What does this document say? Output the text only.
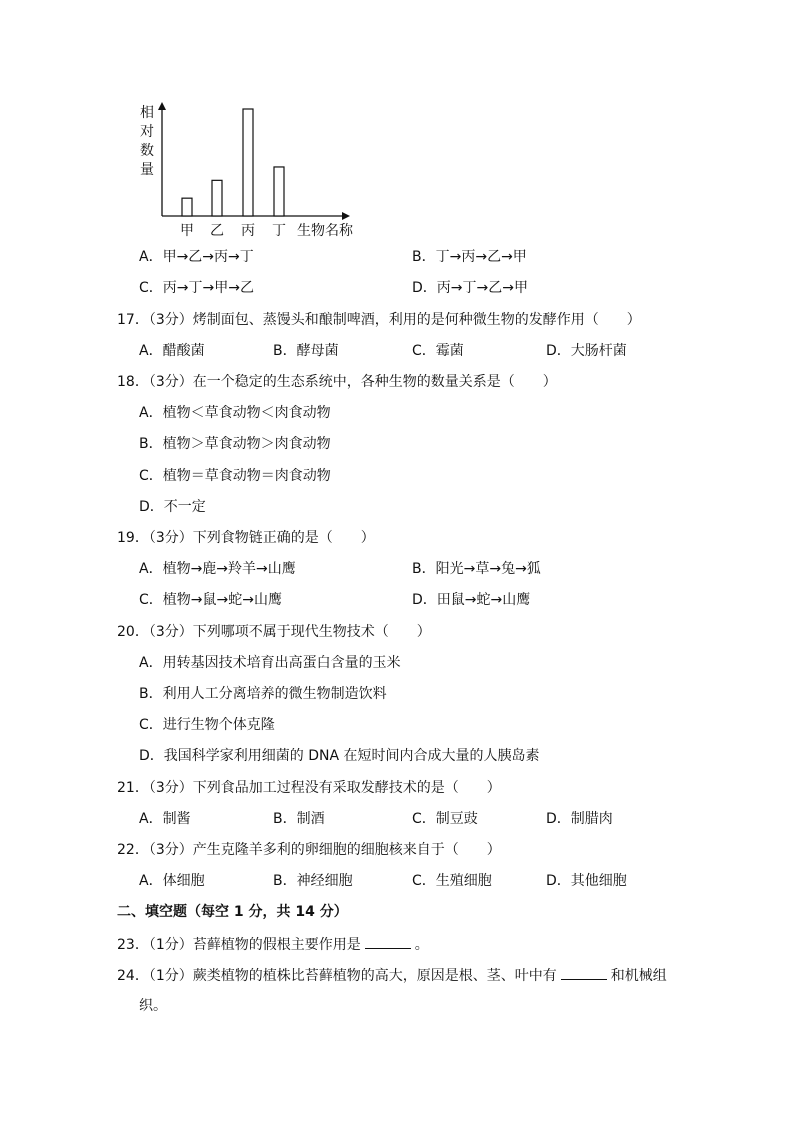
相
对
数
量
甲 乙 丙 丁 生物名称
A．甲→乙→丙→丁	B．丁→丙→乙→甲
C．丙→丁→甲→乙	D．丙→丁→乙→甲
17．（3分）烤制面包、蒸馒头和酿制啤酒，利用的是何种微生物的发酵作用（　　）
A．醋酸菌	B．酵母菌	C．霉菌	D．大肠杆菌
18．（3分）在一个稳定的生态系统中，各种生物的数量关系是（　　）
A．植物＜草食动物＜肉食动物
B．植物＞草食动物＞肉食动物
C．植物＝草食动物＝肉食动物
D．不一定
19．（3分）下列食物链正确的是（　　）
A．植物→鹿→羚羊→山鹰	B．阳光→草→兔→狐
C．植物→鼠→蛇→山鹰	D．田鼠→蛇→山鹰
20．（3分）下列哪项不属于现代生物技术（　　）
A．用转基因技术培育出高蛋白含量的玉米
B．利用人工分离培养的微生物制造饮料
C．进行生物个体克隆
D．我国科学家利用细菌的 DNA 在短时间内合成大量的人胰岛素
21．（3分）下列食品加工过程没有采取发酵技术的是（　　）
A．制酱	B．制酒	C．制豆豉	D．制腊肉
22．（3分）产生克隆羊多利的卵细胞的细胞核来自于（　　）
A．体细胞	B．神经细胞	C．生殖细胞	D．其他细胞
二、填空题（每空 1 分，共 14 分）
23．（1分）苔藓植物的假根主要作用是	。
24．（1分）蕨类植物的植株比苔藓植物的高大，原因是根、茎、叶中有	和机械组
织。
